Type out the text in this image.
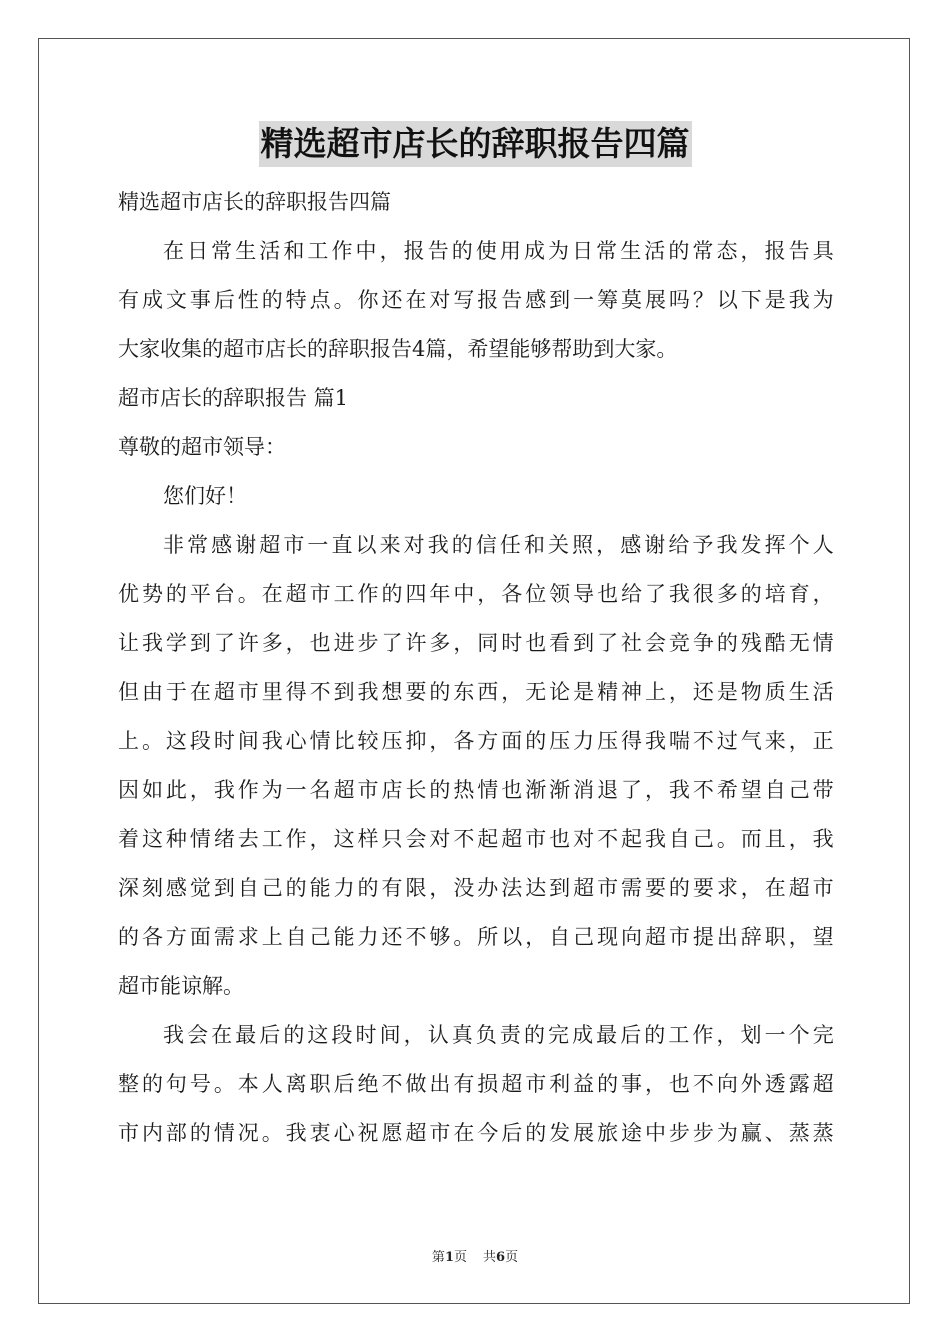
精选超市店长的辞职报告四篇
精选超市店长的辞职报告四篇
在 日 常 生 活 和 工 作 中 ， 报 告 的 使 用 成 为 日 常 生 活 的 常 态 ， 报 告 具
有 成 文 事 后 性 的 特 点 。 你 还 在 对 写 报 告 感 到 一 筹 莫 展 吗 ？ 以 下 是 我 为
大家收集的超市店长的辞职报告4篇，希望能够帮助到大家。
超市店长的辞职报告 篇1
尊敬的超市领导：
您们好！
非 常 感 谢 超 市 一 直 以 来 对 我 的 信 任 和 关 照 ， 感 谢 给 予 我 发 挥 个 人
优 势 的 平 台 。 在 超 市 工 作 的 四 年 中 ， 各 位 领 导 也 给 了 我 很 多 的 培 育 ，
让 我 学 到 了 许 多 ， 也 进 步 了 许 多 ， 同 时 也 看 到 了 社 会 竞 争 的 残 酷 无 情
但 由 于 在 超 市 里 得 不 到 我 想 要 的 东 西 ， 无 论 是 精 神 上 ， 还 是 物 质 生 活
上 。 这 段 时 间 我 心 情 比 较 压 抑 ， 各 方 面 的 压 力 压 得 我 喘 不 过 气 来 ， 正
因 如 此 ， 我 作 为 一 名 超 市 店 长 的 热 情 也 渐 渐 消 退 了 ， 我 不 希 望 自 己 带
着 这 种 情 绪 去 工 作 ， 这 样 只 会 对 不 起 超 市 也 对 不 起 我 自 己 。 而 且 ， 我
深 刻 感 觉 到 自 己 的 能 力 的 有 限 ， 没 办 法 达 到 超 市 需 要 的 要 求 ， 在 超 市
的 各 方 面 需 求 上 自 己 能 力 还 不 够 。 所 以 ， 自 己 现 向 超 市 提 出 辞 职 ， 望
超市能谅解。
我 会 在 最 后 的 这 段 时 间 ， 认 真 负 责 的 完 成 最 后 的 工 作 ， 划 一 个 完
整 的 句 号 。 本 人 离 职 后 绝 不 做 出 有 损 超 市 利 益 的 事 ， 也 不 向 外 透 露 超
市 内 部 的 情 况 。 我 衷 心 祝 愿 超 市 在 今 后 的 发 展 旅 途 中 步 步 为 赢 、 蒸 蒸
第1页 共6页
